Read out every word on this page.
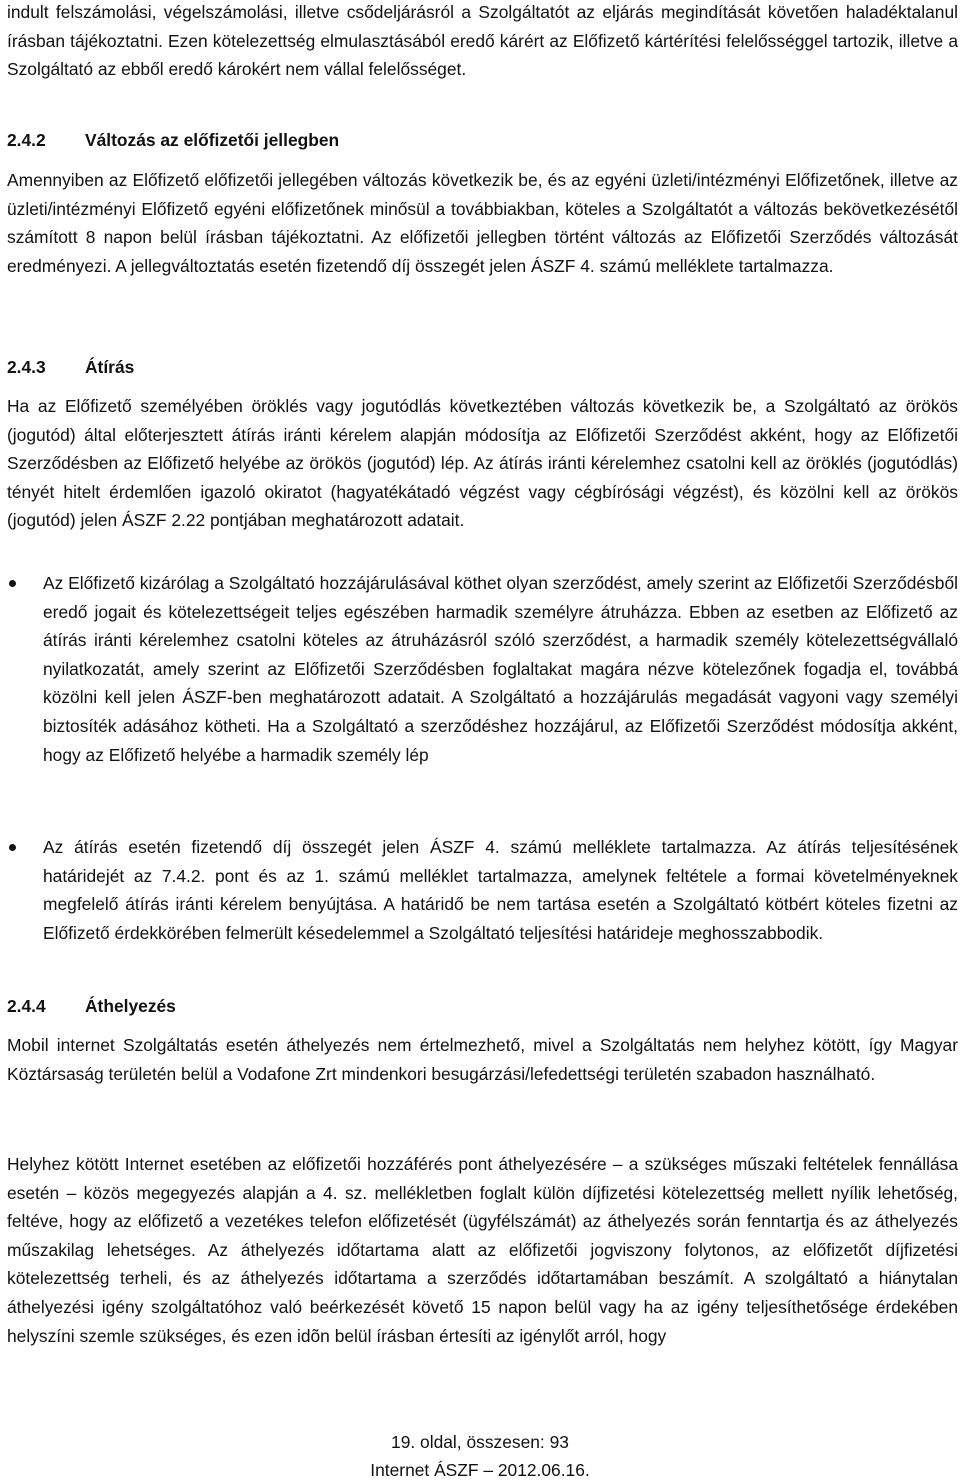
indult felszámolási, végelszámolási, illetve csődeljárásról a Szolgáltatót az eljárás megindítását követően haladéktalanul írásban tájékoztatni. Ezen kötelezettség elmulasztásából eredő kárért az Előfizető kártérítési felelősséggel tartozik, illetve a Szolgáltató az ebből eredő károkért nem vállal felelősséget.

2.4.2 Változás az előfizetői jellegben

Amennyiben az Előfizető előfizetői jellegében változás következik be, és az egyéni üzleti/intézményi Előfizetőnek, illetve az üzleti/intézményi Előfizető egyéni előfizetőnek minősül a továbbiakban, köteles a Szolgáltatót a változás bekövetkezésétől számított 8 napon belül írásban tájékoztatni. Az előfizetői jellegben történt változás az Előfizetői Szerződés változását eredményezi. A jellegváltoztatás esetén fizetendő díj összegét jelen ÁSZF 4. számú melléklete tartalmazza.

2.4.3 Átírás

Ha az Előfizető személyében öröklés vagy jogutódlás következtében változás következik be, a Szolgáltató az örökös (jogutód) által előterjesztett átírás iránti kérelem alapján módosítja az Előfizetői Szerződést akként, hogy az Előfizetői Szerződésben az Előfizető helyébe az örökös (jogutód) lép. Az átírás iránti kérelemhez csatolni kell az öröklés (jogutódlás) tényét hitelt érdemlően igazoló okiratot (hagyatékátadó végzést vagy cégbírósági végzést), és közölni kell az örökös (jogutód) jelen ÁSZF 2.22 pontjában meghatározott adatait.

Az Előfizető kizárólag a Szolgáltató hozzájárulásával köthet olyan szerződést, amely szerint az Előfizetői Szerződésből eredő jogait és kötelezettségeit teljes egészében harmadik személyre átruházza. Ebben az esetben az Előfizető az átírás iránti kérelemhez csatolni köteles az átruházásról szóló szerződést, a harmadik személy kötelezettségvállaló nyilatkozatát, amely szerint az Előfizetői Szerződésben foglaltakat magára nézve kötelezőnek fogadja el, továbbá közölni kell jelen ÁSZF-ben meghatározott adatait. A Szolgáltató a hozzájárulás megadását vagyoni vagy személyi biztosíték adásához kötheti. Ha a Szolgáltató a szerződéshez hozzájárul, az Előfizetői Szerződést módosítja akként, hogy az Előfizető helyébe a harmadik személy lép

Az átírás esetén fizetendő díj összegét jelen ÁSZF 4. számú melléklete tartalmazza. Az átírás teljesítésének határidejét az 7.4.2. pont és az 1. számú melléklet tartalmazza, amelynek feltétele a formai követelményeknek megfelelő átírás iránti kérelem benyújtása. A határidő be nem tartása esetén a Szolgáltató kötbért köteles fizetni az Előfizető érdekkörében felmerült késedelemmel a Szolgáltató teljesítési határideje meghosszabbodik.

2.4.4 Áthelyezés

Mobil internet Szolgáltatás esetén áthelyezés nem értelmezhető, mivel a Szolgáltatás nem helyhez kötött, így Magyar Köztársaság területén belül a Vodafone Zrt mindenkori besugárzási/lefedettségi területén szabadon használható.

Helyhez kötött Internet esetében az előfizetői hozzáférés pont áthelyezésére – a szükséges műszaki feltételek fennállása esetén – közös megegyezés alapján a 4. sz. mellékletben foglalt külön díjfizetési kötelezettség mellett nyílik lehetőség, feltéve, hogy az előfizető a vezetékes telefon előfizetését (ügyfélszámát) az áthelyezés során fenntartja és az áthelyezés műszakilag lehetséges. Az áthelyezés időtartama alatt az előfizetői jogviszony folytonos, az előfizetőt díjfizetési kötelezettség terheli, és az áthelyezés időtartama a szerződés időtartamában beszámít. A szolgáltató a hiánytalan áthelyezési igény szolgáltatóhoz való beérkezését követő 15 napon belül vagy ha az igény teljesíthetősége érdekében helyszíni szemle szükséges, és ezen idõn belül írásban értesíti az igénylőt arról, hogy

19. oldal, összesen: 93

Internet ÁSZF – 2012.06.16.
